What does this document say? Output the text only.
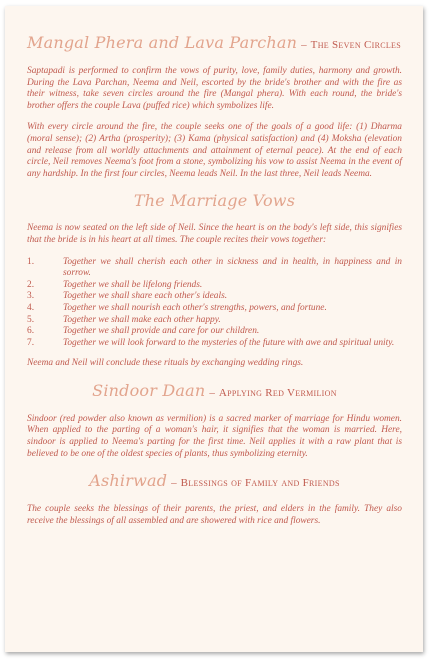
Mangal Phera and Lava Parchan – The Seven Circles

Saptapadi is performed to confirm the vows of purity, love, family duties, harmony and growth. During the Lava Parchan, Neema and Neil, escorted by the bride's brother and with the fire as their witness, take seven circles around the fire (Mangal phera). With each round, the bride's brother offers the couple Lava (puffed rice) which symbolizes life.

With every circle around the fire, the couple seeks one of the goals of a good life: (1) Dharma (moral sense); (2) Artha (prosperity); (3) Kama (physical satisfaction) and (4) Moksha (elevation and release from all worldly attachments and attainment of eternal peace). At the end of each circle, Neil removes Neema's foot from a stone, symbolizing his vow to assist Neema in the event of any hardship. In the first four circles, Neema leads Neil. In the last three, Neil leads Neema.

The Marriage Vows

Neema is now seated on the left side of Neil. Since the heart is on the body's left side, this signifies that the bride is in his heart at all times. The couple recites their vows together:

1.	Together we shall cherish each other in sickness and in health, in happiness and in sorrow.
2.	Together we shall be lifelong friends.
3.	Together we shall share each other's ideals.
4.	Together we shall nourish each other's strengths, powers, and fortune.
5.	Together we shall make each other happy.
6.	Together we shall provide and care for our children.
7.	Together we will look forward to the mysteries of the future with awe and spiritual unity.

Neema and Neil will conclude these rituals by exchanging wedding rings.

Sindoor Daan – Applying Red Vermilion

Sindoor (red powder also known as vermilion) is a sacred marker of marriage for Hindu women. When applied to the parting of a woman's hair, it signifies that the woman is married. Here, sindoor is applied to Neema's parting for the first time. Neil applies it with a raw plant that is believed to be one of the oldest species of plants, thus symbolizing eternity.

Ashirwad – Blessings of Family and Friends

The couple seeks the blessings of their parents, the priest, and elders in the family. They also receive the blessings of all assembled and are showered with rice and flowers.
